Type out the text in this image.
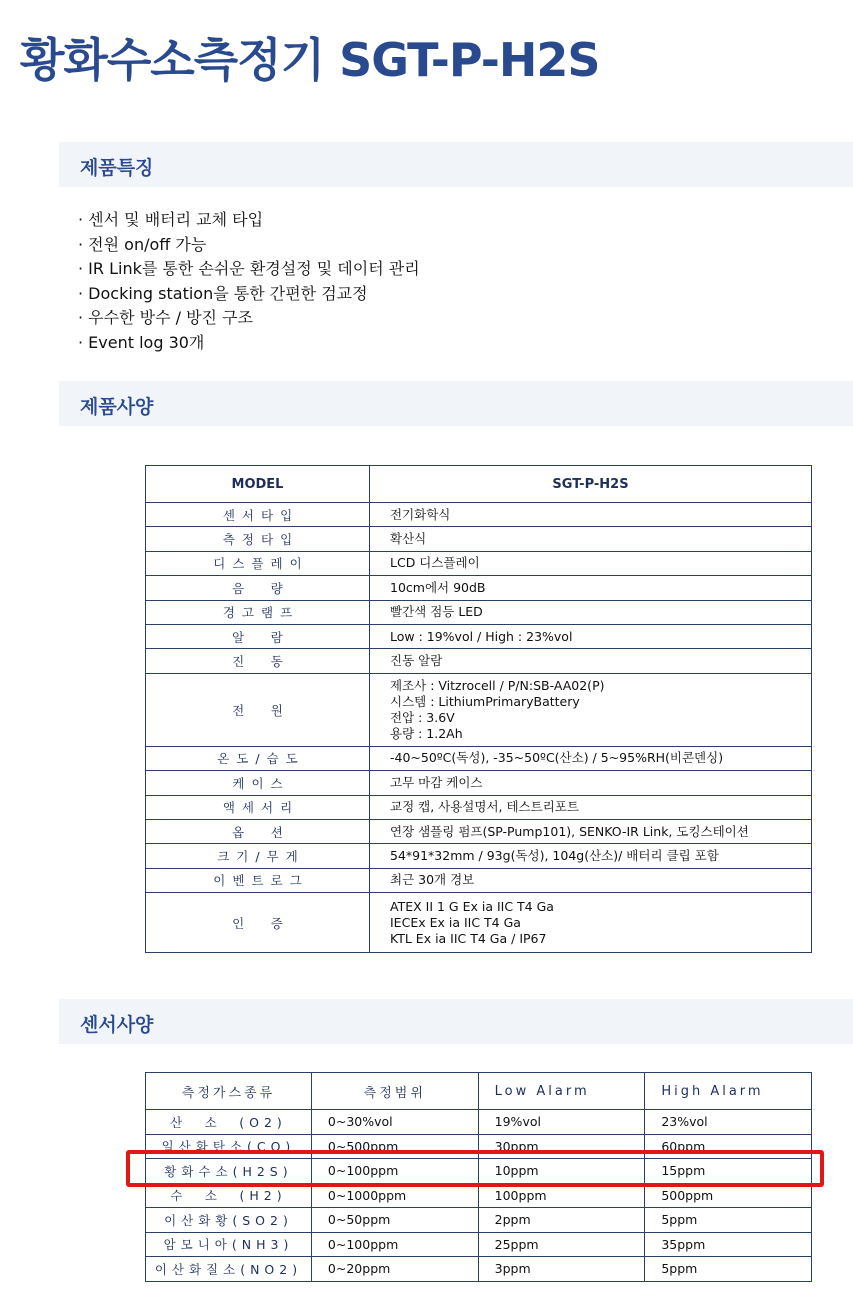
황화수소측정기 SGT-P-H2S
제품특징
· 센서 및 배터리 교체 타입
· 전원 on/off 가능
· IR Link를 통한 손쉬운 환경설정 및 데이터 관리
· Docking station을 통한 간편한 검교정
· 우수한 방수 / 방진 구조
· Event log 30개
제품사양
MODEL	SGT-P-H2S
센서타입	전기화학식
측정타입	확산식
디스플레이	LCD 디스플레이
음　량	10cm에서 90dB
경고램프	빨간색 점등 LED
알　람	Low : 19%vol / High : 23%vol
진　동	진동 알람
전　원	제조사 : Vitzrocell / P/N:SB-AA02(P)
시스템 : LithiumPrimaryBattery
전압 : 3.6V
용량 : 1.2Ah
온도/습도	-40~50ºC(독성), -35~50ºC(산소) / 5~95%RH(비콘덴싱)
케이스	고무 마감 케이스
액세서리	교정 캡, 사용설명서, 테스트리포트
옵　션	연장 샘플링 펌프(SP-Pump101), SENKO-IR Link, 도킹스테이션
크기/무게	54*91*32mm / 93g(독성), 104g(산소)/ 배터리 클립 포함
이벤트로그	최근 30개 경보
인　증	ATEX II 1 G Ex ia IIC T4 Ga
IECEx Ex ia IIC T4 Ga
KTL Ex ia IIC T4 Ga / IP67
센서사양
측정가스종류	측정범위	Low Alarm	High Alarm
산　소　(O2)	0~30%vol	19%vol	23%vol
일산화탄소(CO)	0~500ppm	30ppm	60ppm
황화수소(H2S)	0~100ppm	10ppm	15ppm
수　소　(H2)	0~1000ppm	100ppm	500ppm
이산화황(SO2)	0~50ppm	2ppm	5ppm
암모니아(NH3)	0~100ppm	25ppm	35ppm
이산화질소(NO2)	0~20ppm	3ppm	5ppm
